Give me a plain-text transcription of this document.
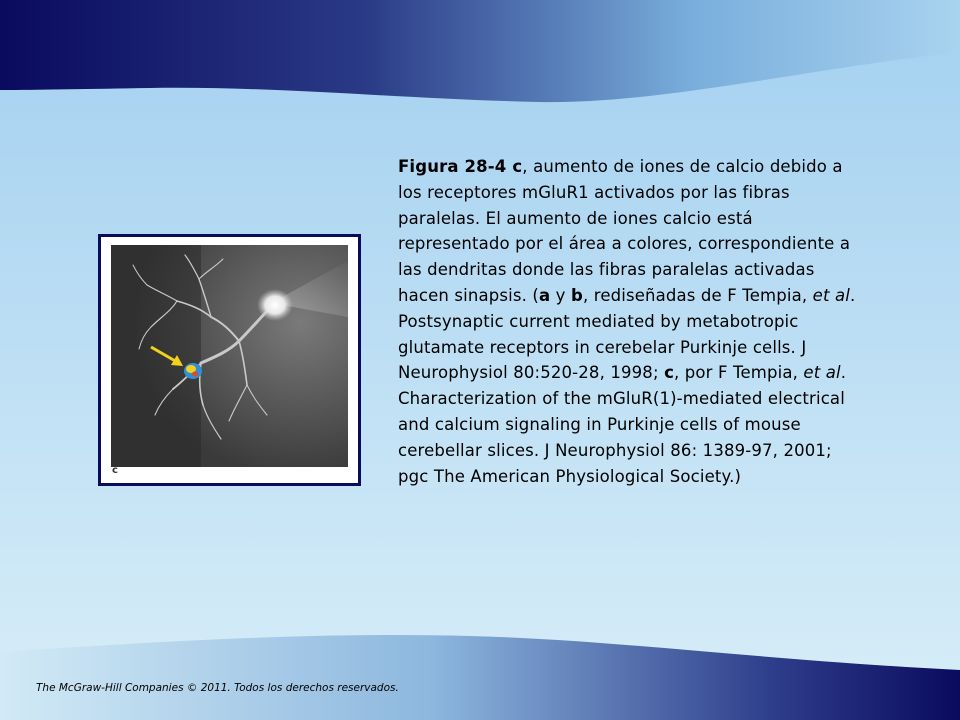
c
Figura 28-4 c, aumento de iones de calcio debido a los receptores mGluR1 activados por las fibras paralelas. El aumento de iones calcio está representado por el área a colores, correspondiente a las dendritas donde las fibras paralelas activadas hacen sinapsis. (a y b, rediseñadas de F Tempia, et al. Postsynaptic current mediated by metabotropic glutamate receptors in cerebelar Purkinje cells. J Neurophysiol 80:520-28, 1998; c, por F Tempia, et al. Characterization of the mGluR(1)-mediated electrical and calcium signaling in Purkinje cells of mouse cerebellar slices. J Neurophysiol 86: 1389-97, 2001; pgc The American Physiological Society.)
The McGraw-Hill Companies © 2011. Todos los derechos reservados.
